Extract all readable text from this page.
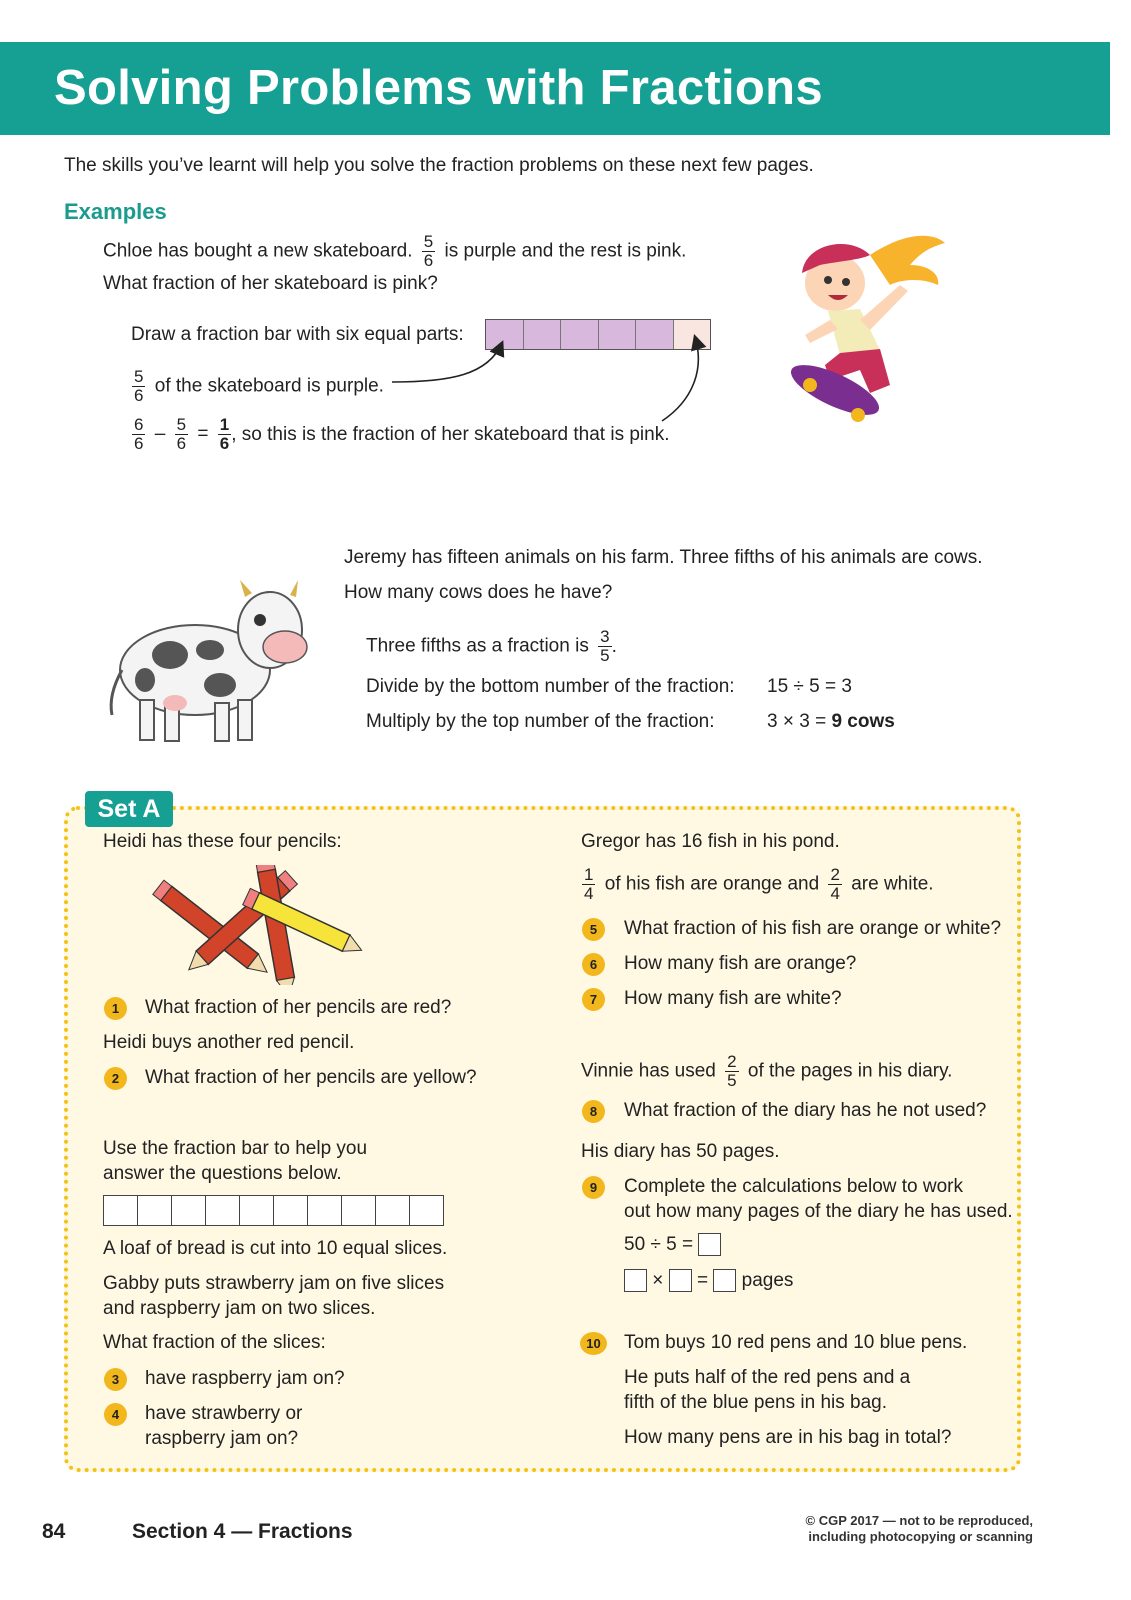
Solving Problems with Fractions
The skills you’ve learnt will help you solve the fraction problems on these next few pages.
Examples
Chloe has bought a new skateboard. $\frac{5}{6}$ is purple and the rest is pink.
What fraction of her skateboard is pink?
Draw a fraction bar with six equal parts:
$\frac{5}{6}$ of the skateboard is purple.
$\frac{6}{6} - \frac{5}{6} = \frac{1}{6}$ , so this is the fraction of her skateboard that is pink.
Jeremy has fifteen animals on his farm. Three fifths of his animals are cows.
How many cows does he have?
Three fifths as a fraction is $\frac{3}{5}$ .
Divide by the bottom number of the fraction: 15 ÷ 5 = 3
Multiply by the top number of the fraction:	3 × 3 = 9 cows
Set A
Heidi has these four pencils:
1	What fraction of her pencils are red?
Heidi buys another red pencil.
2	What fraction of her pencils are yellow?
Use the fraction bar to help you
answer the questions below.
A loaf of bread is cut into 10 equal slices.
Gabby puts strawberry jam on five slices
and raspberry jam on two slices.
What fraction of the slices:
3	have raspberry jam on?
4	have strawberry or
raspberry jam on?
Gregor has 16 fish in his pond.
$\frac{1}{4}$ of his fish are orange and $\frac{2}{4}$ are white.
5	What fraction of his fish are orange or white?
6	How many fish are orange?
7	How many fish are white?
Vinnie has used $\frac{2}{5}$ of the pages in his diary.
8	What fraction of the diary has he not used?
His diary has 50 pages.
9	Complete the calculations below to work
out how many pages of the diary he has used.
50 ÷ 5 =
× = pages
10	Tom buys 10 red pens and 10 blue pens.
He puts half of the red pens and a
fifth of the blue pens in his bag.
How many pens are in his bag in total?
84	Section 4 — Fractions	© CGP 2017 — not to be reproduced,
including photocopying or scanning
